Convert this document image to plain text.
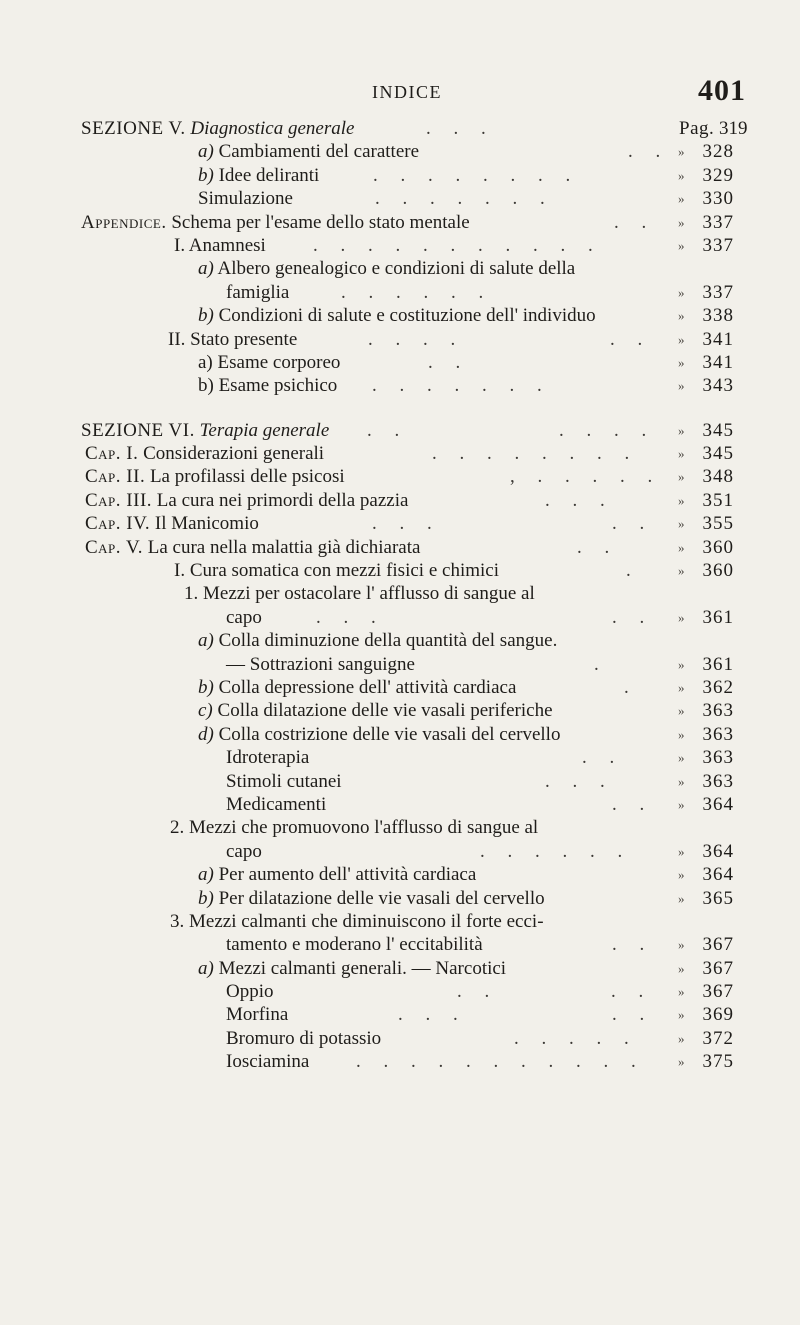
INDICE	401
SEZIONE V. Diagnostica generale	. . .	Pag. 319
a) Cambiamenti del carattere	. . » 328
b) Idee deliranti	. . . . . . . .	» 329
Simulazione	. . . . . . .	» 330
Appendice. Schema per l'esame dello stato mentale	. . » 337
I. Anamnesi . . . . . . . . . . .	» 337
a) Albero genealogico e condizioni di salute della
famiglia	. . . . . .	» 337
b) Condizioni di salute e costituzione dell' individuo	» 338
II. Stato presente	. . . .	. . » 341
a) Esame corporeo	. .	» 341
b) Esame psichico . . . . . . .	» 343
SEZIONE VI. Terapia generale . .	. . . . » 345
Cap. I. Considerazioni generali	. . . . . . . .	» 345
Cap. II. La profilassi delle psicosi	, . . . . . » 348
Cap. III. La cura nei primordi della pazzia	. . .	» 351
Cap. IV. Il Manicomio	. . .	. . » 355
Cap. V. La cura nella malattia già dichiarata	. .	» 360
I. Cura somatica con mezzi fisici e chimici	.	» 360
1. Mezzi per ostacolare l' afflusso di sangue al
capo	. . .	. . » 361
a) Colla diminuzione della quantità del sangue.
— Sottrazioni sanguigne	.	» 361
b) Colla depressione dell' attività cardiaca	.	» 362
c) Colla dilatazione delle vie vasali periferiche	» 363
d) Colla costrizione delle vie vasali del cervello	» 363
Idroterapia	. .	» 363
Stimoli cutanei	. . .	» 363
Medicamenti	. . » 364
2. Mezzi che promuovono l'afflusso di sangue al
capo	. . . . . .	» 364
a) Per aumento dell' attività cardiaca	» 364
b) Per dilatazione delle vie vasali del cervello	» 365
3. Mezzi calmanti che diminuiscono il forte ecci-
tamento e moderano l' eccitabilità	. . » 367
a) Mezzi calmanti generali. — Narcotici	» 367
Oppio	. .	. . » 367
Morfina	. . .	. . » 369
Bromuro di potassio	. . . . .	» 372
Iosciamina . . . . . . . . . . .	» 375
